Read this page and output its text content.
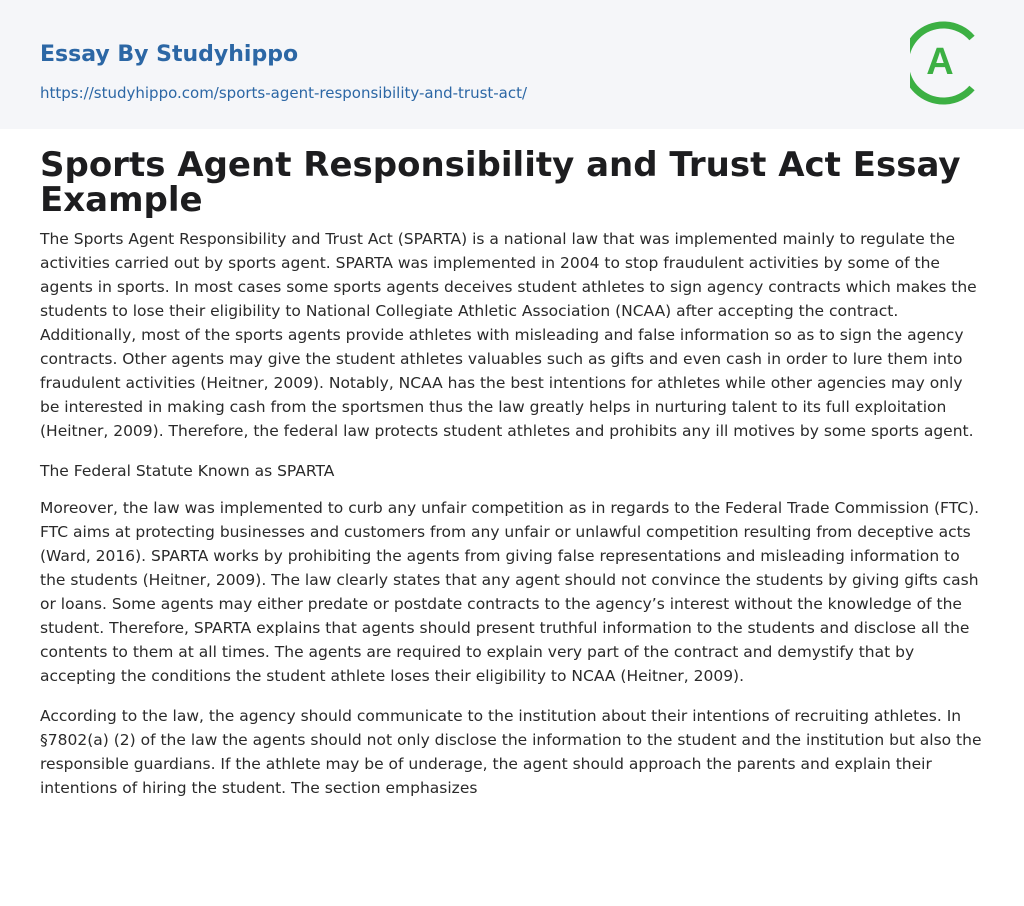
Essay By Studyhippo
https://studyhippo.com/sports-agent-responsibility-and-trust-act/
A
Sports Agent Responsibility and Trust Act Essay Example

The Sports Agent Responsibility and Trust Act (SPARTA) is a national law that was implemented mainly to regulate the activities carried out by sports agent. SPARTA was implemented in 2004 to stop fraudulent activities by some of the agents in sports. In most cases some sports agents deceives student athletes to sign agency contracts which makes the students to lose their eligibility to National Collegiate Athletic Association (NCAA) after accepting the contract. Additionally, most of the sports agents provide athletes with misleading and false information so as to sign the agency contracts. Other agents may give the student athletes valuables such as gifts and even cash in order to lure them into fraudulent activities (Heitner, 2009). Notably, NCAA has the best intentions for athletes while other agencies may only be interested in making cash from the sportsmen thus the law greatly helps in nurturing talent to its full exploitation (Heitner, 2009). Therefore, the federal law protects student athletes and prohibits any ill motives by some sports agent.

The Federal Statute Known as SPARTA

Moreover, the law was implemented to curb any unfair competition as in regards to the Federal Trade Commission (FTC). FTC aims at protecting businesses and customers from any unfair or unlawful competition resulting from deceptive acts (Ward, 2016). SPARTA works by prohibiting the agents from giving false representations and misleading information to the students (Heitner, 2009). The law clearly states that any agent should not convince the students by giving gifts cash or loans. Some agents may either predate or postdate contracts to the agency’s interest without the knowledge of the student. Therefore, SPARTA explains that agents should present truthful information to the students and disclose all the contents to them at all times. The agents are required to explain very part of the contract and demystify that by accepting the conditions the student athlete loses their eligibility to NCAA (Heitner, 2009).

According to the law, the agency should communicate to the institution about their intentions of recruiting athletes. In §7802(a) (2) of the law the agents should not only disclose the information to the student and the institution but also the responsible guardians. If the athlete may be of underage, the agent should approach the parents and explain their intentions of hiring the student. The section emphasizes
